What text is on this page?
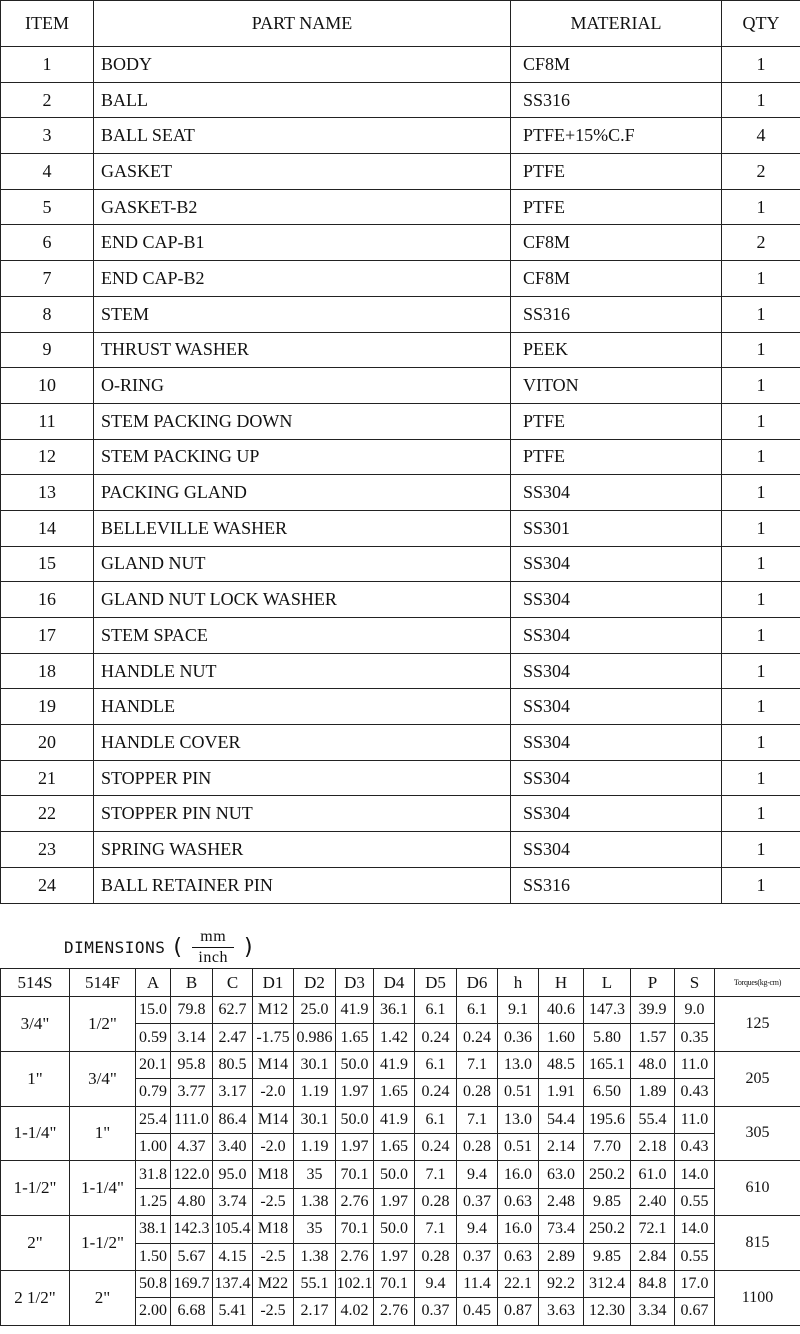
ITEM	PART NAME	MATERIAL	QTY
1	BODY	CF8M	1
2	BALL	SS316	1
3	BALL SEAT	PTFE+15%C.F	4
4	GASKET	PTFE	2
5	GASKET-B2	PTFE	1
6	END CAP-B1	CF8M	2
7	END CAP-B2	CF8M	1
8	STEM	SS316	1
9	THRUST WASHER	PEEK	1
10	O-RING	VITON	1
11	STEM PACKING DOWN	PTFE	1
12	STEM PACKING UP	PTFE	1
13	PACKING GLAND	SS304	1
14	BELLEVILLE WASHER	SS301	1
15	GLAND NUT	SS304	1
16	GLAND NUT LOCK WASHER	SS304	1
17	STEM SPACE	SS304	1
18	HANDLE NUT	SS304	1
19	HANDLE	SS304	1
20	HANDLE COVER	SS304	1
21	STOPPER PIN	SS304	1
22	STOPPER PIN NUT	SS304	1
23	SPRING WASHER	SS304	1
24	BALL RETAINER PIN	SS316	1
DIMENSIONS ( $\frac{mm}{\text{inch}}$ )
514S	514F	A	B	C	D1	D2	D3	D4	D5	D6	h	H	L	P	S	Torques(kg-cm)
3/4"	1/2"	15.0	79.8	62.7	M12	25.0	41.9	36.1	6.1	6.1	9.1	40.6	147.3	39.9	9.0	125
		0.59	3.14	2.47	-1.75	0.986	1.65	1.42	0.24	0.24	0.36	1.60	5.80	1.57	0.35	
1"	3/4"	20.1	95.8	80.5	M14	30.1	50.0	41.9	6.1	7.1	13.0	48.5	165.1	48.0	11.0	205
		0.79	3.77	3.17	-2.0	1.19	1.97	1.65	0.24	0.28	0.51	1.91	6.50	1.89	0.43	
1-1/4"	1"	25.4	111.0	86.4	M14	30.1	50.0	41.9	6.1	7.1	13.0	54.4	195.6	55.4	11.0	305
		1.00	4.37	3.40	-2.0	1.19	1.97	1.65	0.24	0.28	0.51	2.14	7.70	2.18	0.43	
1-1/2"	1-1/4"	31.8	122.0	95.0	M18	35	70.1	50.0	7.1	9.4	16.0	63.0	250.2	61.0	14.0	610
		1.25	4.80	3.74	-2.5	1.38	2.76	1.97	0.28	0.37	0.63	2.48	9.85	2.40	0.55	
2"	1-1/2"	38.1	142.3	105.4	M18	35	70.1	50.0	7.1	9.4	16.0	73.4	250.2	72.1	14.0	815
		1.50	5.67	4.15	-2.5	1.38	2.76	1.97	0.28	0.37	0.63	2.89	9.85	2.84	0.55	
2 1/2"	2"	50.8	169.7	137.4	M22	55.1	102.1	70.1	9.4	11.4	22.1	92.2	312.4	84.8	17.0	1100
		2.00	6.68	5.41	-2.5	2.17	4.02	2.76	0.37	0.45	0.87	3.63	12.30	3.34	0.67	
